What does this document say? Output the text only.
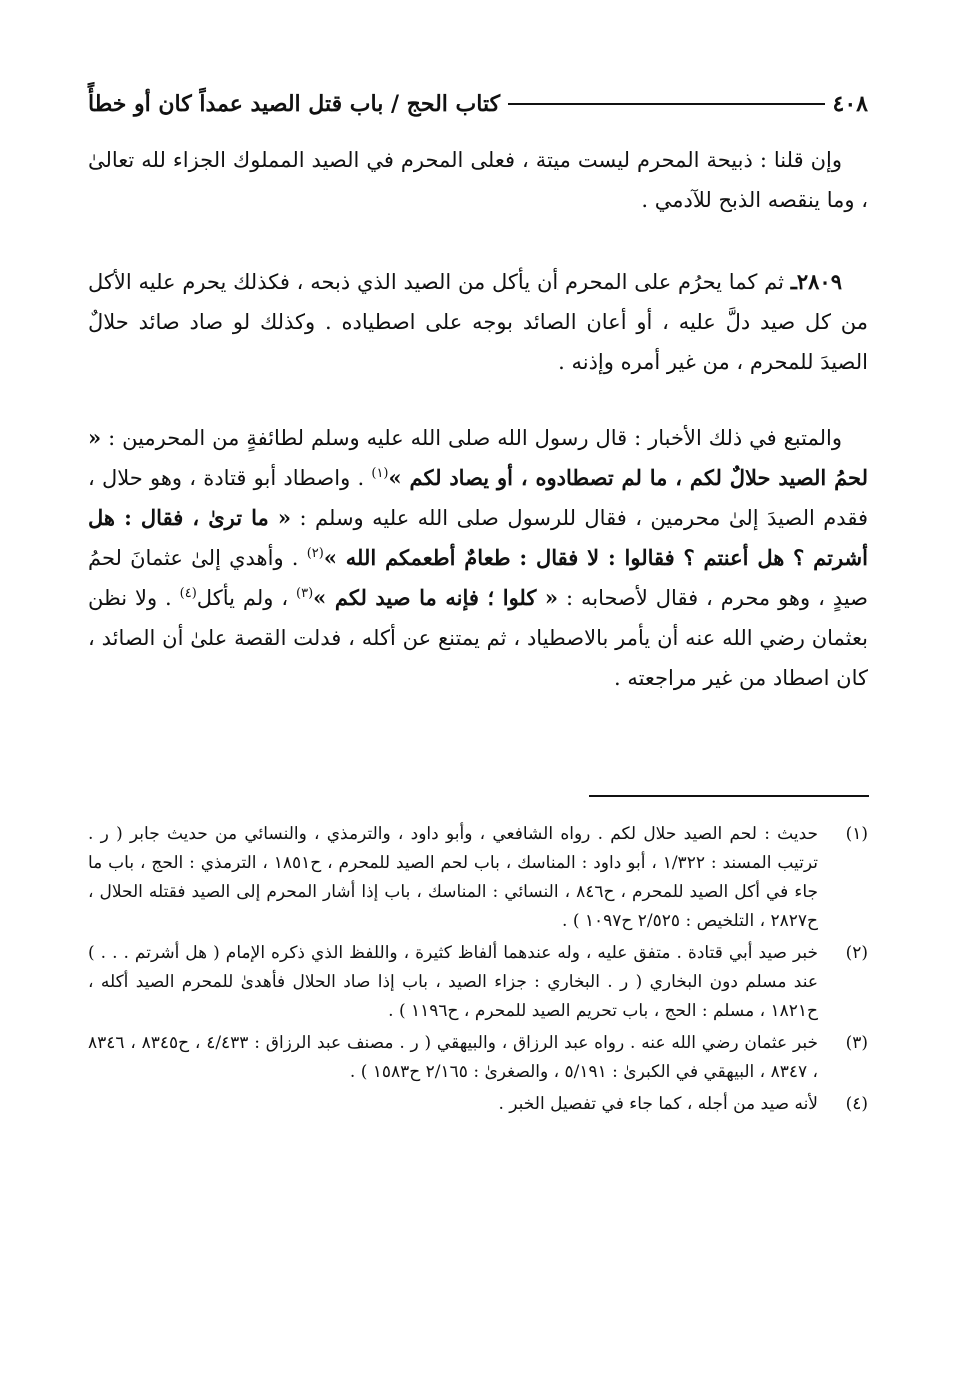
٤٠٨
كتاب الحج / باب قتل الصيد عمداً كان أو خطأً

وإن قلنا : ذبيحة المحرم ليست ميتة ، فعلى المحرم في الصيد المملوك الجزاء لله تعالىٰ ، وما ينقصه الذبح للآدمي .

٢٨٠٩ـ ثم كما يحرُم على المحرم أن يأكل من الصيد الذي ذبحه ، فكذلك يحرم عليه الأكل من كل صيد دلَّ عليه ، أو أعان الصائد بوجه على اصطياده . وكذلك لو صاد صائد حلالٌ الصيدَ للمحرم ، من غير أمره وإذنه .

والمتبع في ذلك الأخبار : قال رسول الله صلى الله عليه وسلم لطائفةٍ من المحرمين : « لحمُ الصيد حلالٌ لكم ، ما لم تصطادوه ، أو يصاد لكم »$^{(١)}$ . واصطاد أبو قتادة ، وهو حلال ، فقدم الصيدَ إلىٰ محرمين ، فقال للرسول صلى الله عليه وسلم : « ما ترىٰ ، فقال : هل أشرتم ؟ هل أعنتم ؟ فقالوا : لا فقال : طعامٌ أطعمكم الله »$^{(٢)}$ . وأهدي إلىٰ عثمانَ لحمُ صيدٍ ، وهو محرم ، فقال لأصحابه : « كلوا ؛ فإنه ما صيد لكم »$^{(٣)}$ ، ولم يأكل$^{(٤)}$ . ولا نظن بعثمان رضي الله عنه أن يأمر بالاصطياد ، ثم يمتنع عن أكله ، فدلت القصة علىٰ أن الصائد ، كان اصطاد من غير مراجعته .

(١)
حديث : لحم الصيد حلال لكم . رواه الشافعي ، وأبو داود ، والترمذي ، والنسائي من حديث جابر ( ر . ترتيب المسند : ١/٣٢٢ ، أبو داود : المناسك ، باب لحم الصيد للمحرم ، ح١٨٥١ ، الترمذي : الحج ، باب ما جاء في أكل الصيد للمحرم ، ح٨٤٦ ، النسائي : المناسك ، باب إذا أشار المحرم إلى الصيد فقتله الحلال ، ح٢٨٢٧ ، التلخيص : ٢/٥٢٥ ح١٠٩٧ ) .
(٢)
خبر صيد أبي قتادة . متفق عليه ، وله عندهما ألفاظ كثيرة ، واللفظ الذي ذكره الإمام ( هل أشرتم . . . ) عند مسلم دون البخاري ( ر . البخاري : جزاء الصيد ، باب إذا صاد الحلال فأهدىٰ للمحرم الصيد أكله ، ح١٨٢١ ، مسلم : الحج ، باب تحريم الصيد للمحرم ، ح١١٩٦ ) .
(٣)
خبر عثمان رضي الله عنه . رواه عبد الرزاق ، والبيهقي ( ر . مصنف عبد الرزاق : ٤/٤٣٣ ، ح٨٣٤٥ ، ٨٣٤٦ ، ٨٣٤٧ ، البيهقي في الكبرىٰ : ٥/١٩١ ، والصغرىٰ : ٢/١٦٥ ح١٥٨٣ ) .
(٤)
لأنه صيد من أجله ، كما جاء في تفصيل الخبر .
